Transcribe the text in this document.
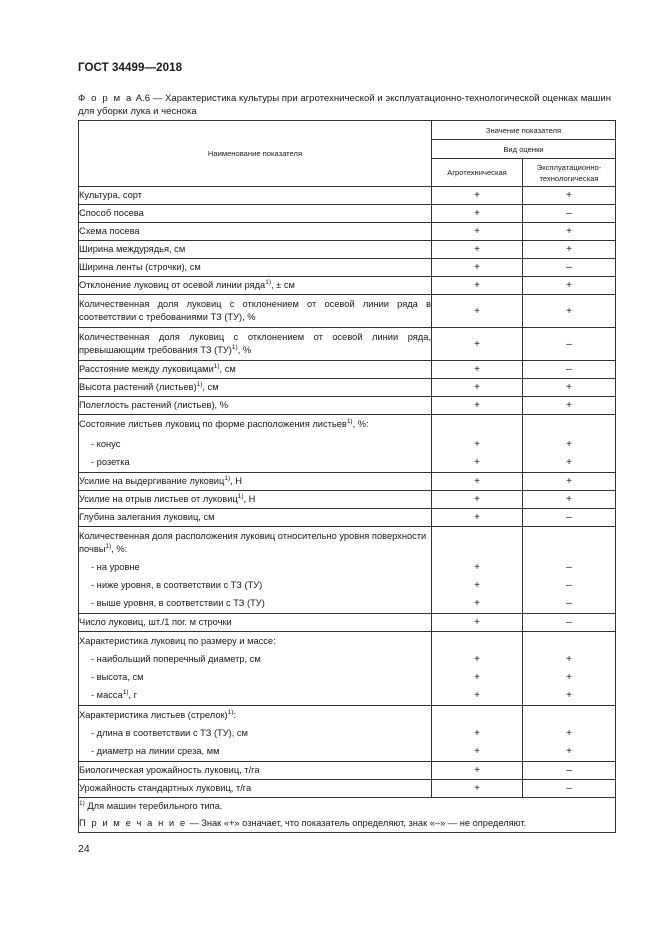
ГОСТ 34499—2018
Ф о р м а А.6 — Характеристика культуры при агротехнической и эксплуатационно-технологической оценках машин для уборки лука и чеснока
Наименование показателя	Значение показателя	
	Вид оценки	
	Агротехническая	Эксплуатационно-
технологическая
Культура, сорт	+	+
Способ посева	+	–
Схема посева	+	+
Ширина междурядья, см	+	+
Ширина ленты (строчки), см	+	–
Отклонение луковиц от осевой линии ряда$^{1)}$, ± см	+	+
Количественная доля луковиц с отклонением от осевой линии ряда в соответствии с требованиями ТЗ (ТУ), %	+	+
Количественная доля луковиц с отклонением от осевой линии ряда, превышающим требования ТЗ (ТУ)$^{1)}$, %	+	–
Расстояние между луковицами$^{1)}$, см	+	–
Высота растений (листьев)$^{1)}$, см	+	+
Полеглость растений (листьев), %	+	+
Состояние листьев луковиц по форме расположения листьев$^{1)}$, %:		
- конус	+	+
- розетка	+	+
Усилие на выдергивание луковиц$^{1)}$, Н	+	+
Усилие на отрыв листьев от луковиц$^{1)}$, Н	+	+
Глубина залегания луковиц, см	+	–
Количественная доля расположения луковиц относительно уровня поверхности почвы$^{1)}$, %:		
- на уровне	+	–
- ниже уровня, в соответствии с ТЗ (ТУ)	+	–
- выше уровня, в соответствии с ТЗ (ТУ)	+	–
Число луковиц, шт./1 пог. м строчки	+	–
Характеристика луковиц по размеру и массе:		
- наибольший поперечный диаметр, см	+	+
- высота, см	+	+
- масса$^{1)}$, г	+	+
Характеристика листьев (стрелок)$^{1)}$:		
- длина в соответствии с ТЗ (ТУ), см	+	+
- диаметр на линии среза, мм	+	+
Биологическая урожайность луковиц, т/га	+	–
Урожайность стандартных луковиц, т/га	+	–

$^{1)}$ Для машин теребильного типа.
П р и м е ч а н и е — Знак «+» означает, что показатель определяют, знак «–» — не определяют.		
24
